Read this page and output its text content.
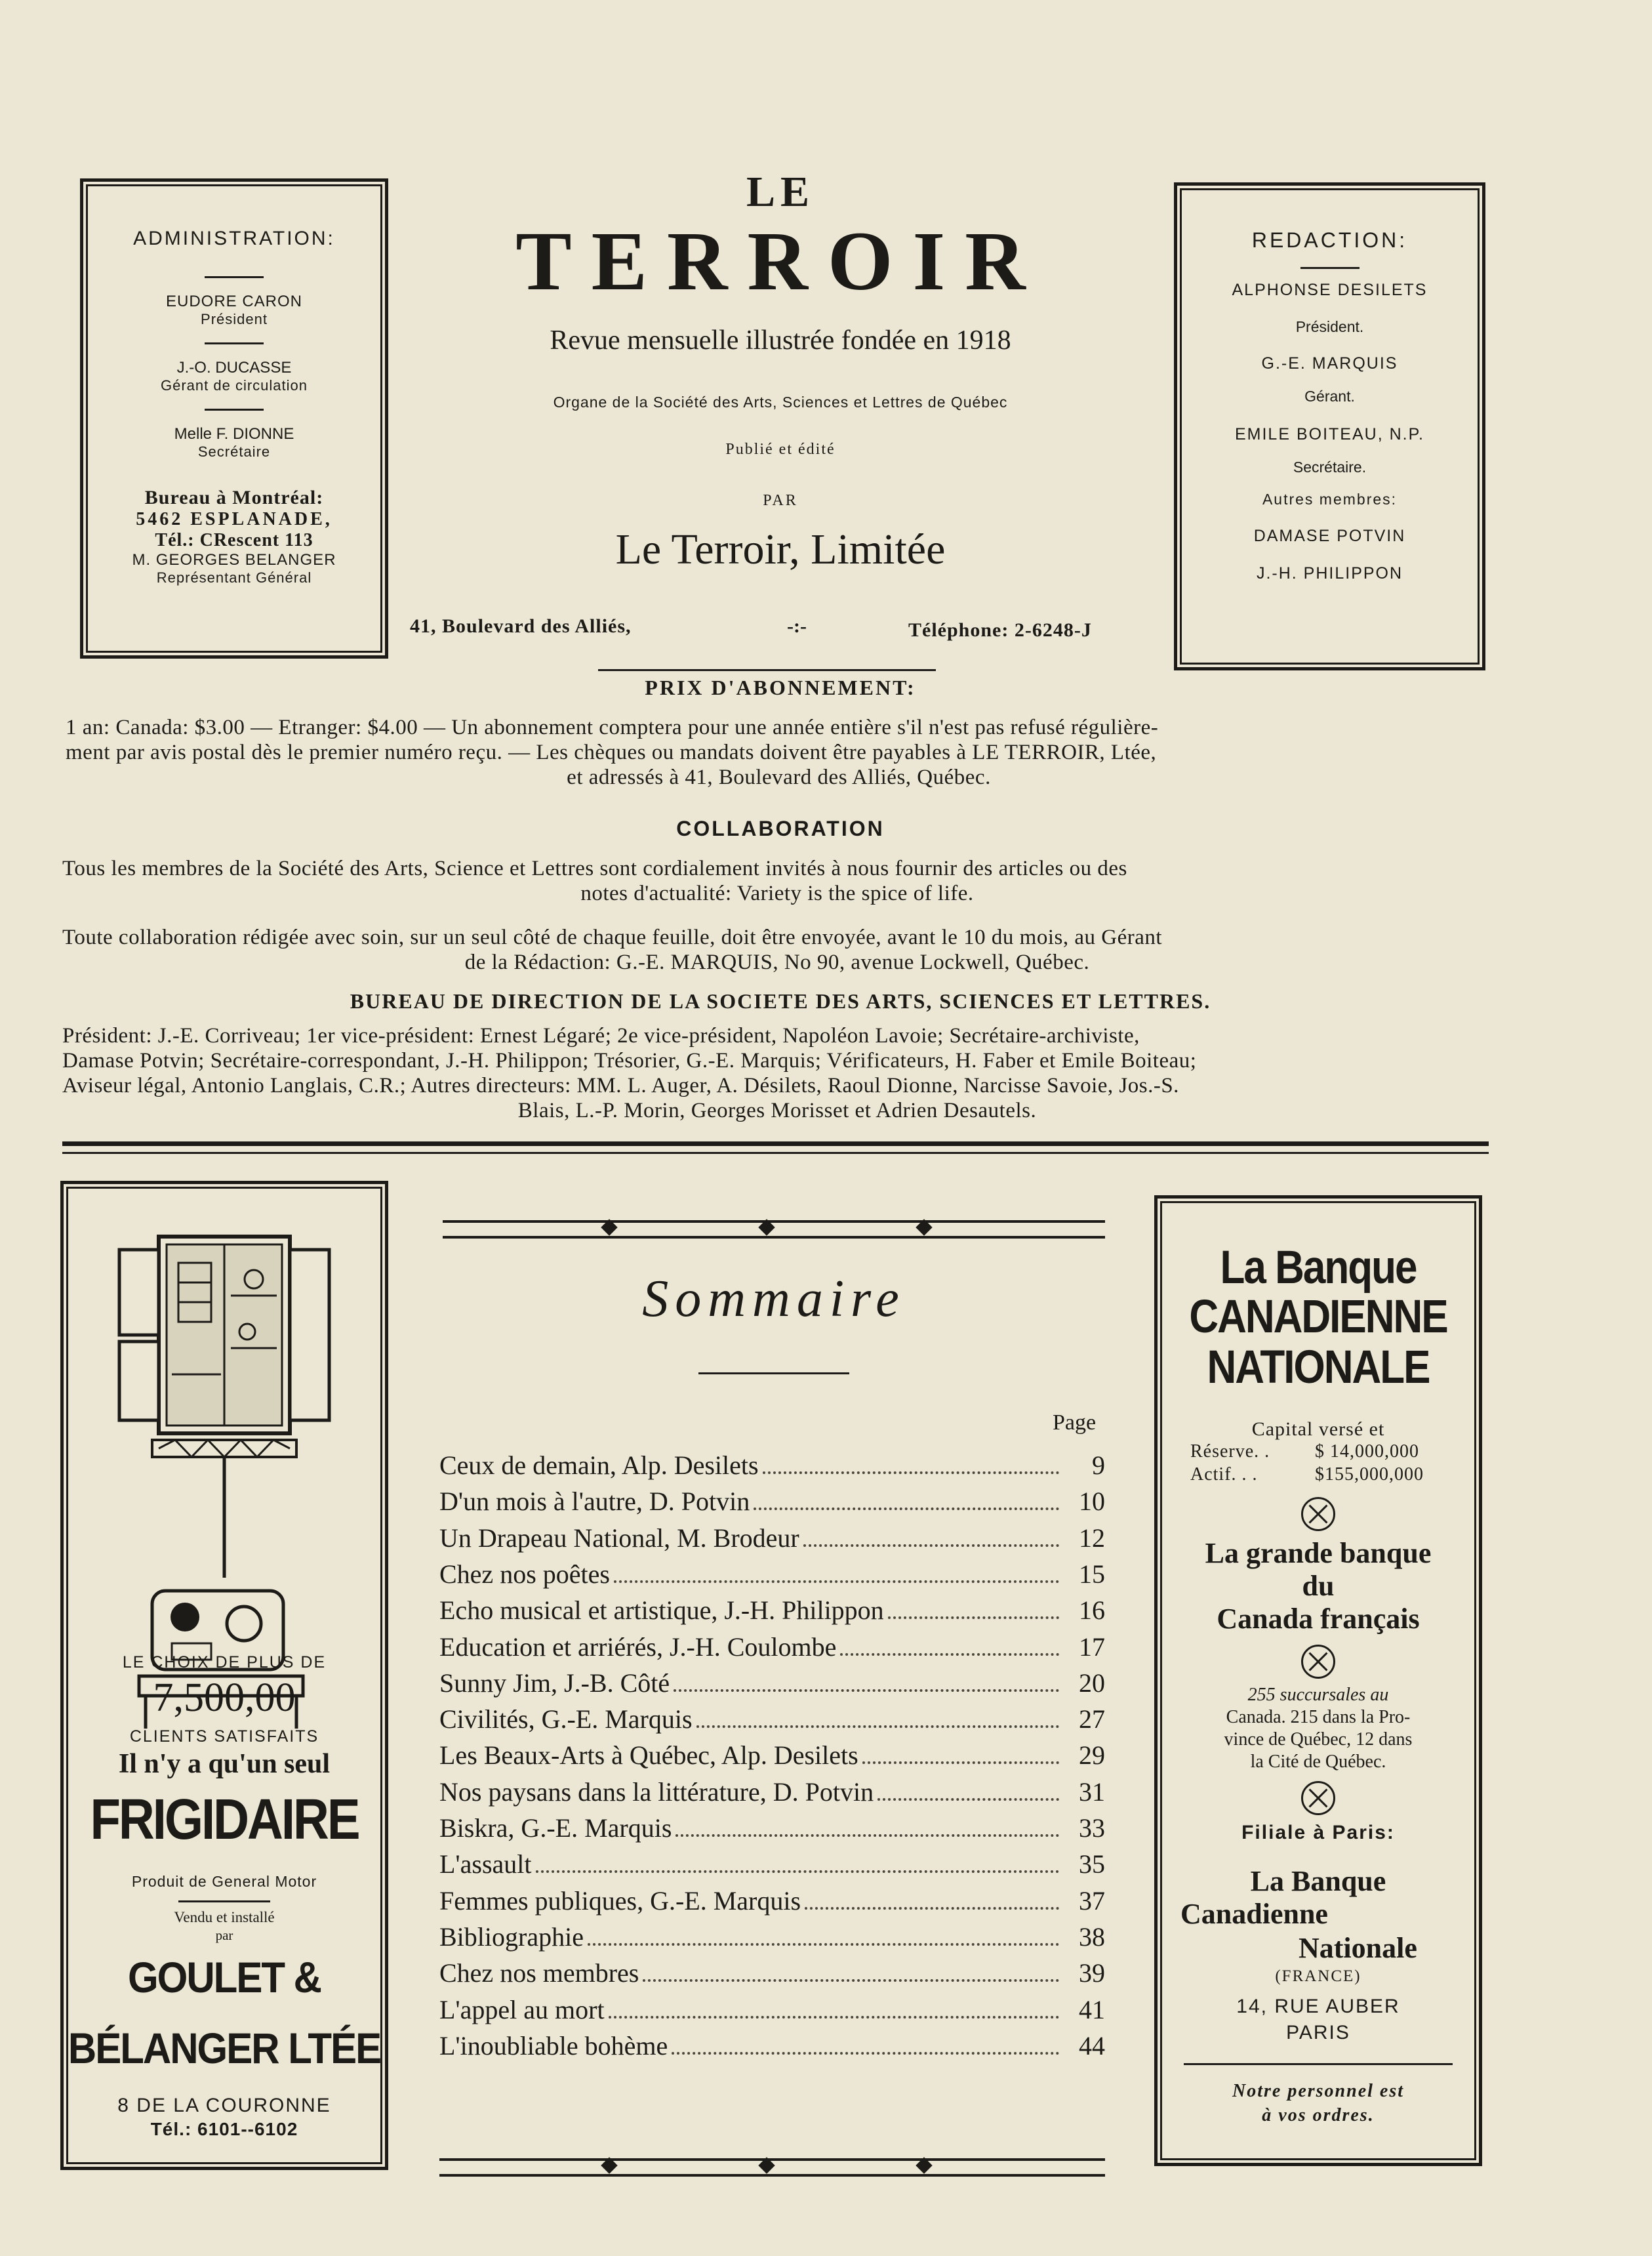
ADMINISTRATION:
EUDORE CARON
Président
J.-O. DUCASSE
Gérant de circulation
Melle F. DIONNE
Secrétaire
Bureau à Montréal:
5462 ESPLANADE,
Tél.: CRescent 113
M. GEORGES BELANGER
Représentant Général
LE
TERROIR
Revue mensuelle illustrée fondée en 1918
Organe de la Société des Arts, Sciences et Lettres de Québec
Publié et édité
PAR
Le Terroir, Limitée
41, Boulevard des Alliés,	-:-	Téléphone: 2-6248-J
REDACTION:
ALPHONSE DESILETS
Président.
G.-E. MARQUIS
Gérant.
EMILE BOITEAU, N.P.
Secrétaire.
Autres membres:
DAMASE POTVIN
J.-H. PHILIPPON
PRIX D'ABONNEMENT:
1 an: Canada: $3.00 — Etranger: $4.00 — Un abonnement comptera pour une année entière s'il n'est pas refusé régulière-
ment par avis postal dès le premier numéro reçu. — Les chèques ou mandats doivent être payables à LE TERROIR, Ltée,
et adressés à 41, Boulevard des Alliés, Québec.
COLLABORATION
Tous les membres de la Société des Arts, Science et Lettres sont cordialement invités à nous fournir des articles ou des
notes d'actualité: Variety is the spice of life.
Toute collaboration rédigée avec soin, sur un seul côté de chaque feuille, doit être envoyée, avant le 10 du mois, au Gérant
de la Rédaction: G.-E. MARQUIS, No 90, avenue Lockwell, Québec.
BUREAU DE DIRECTION DE LA SOCIETE DES ARTS, SCIENCES ET LETTRES.
Président: J.-E. Corriveau; 1er vice-président: Ernest Légaré; 2e vice-président, Napoléon Lavoie; Secrétaire-archiviste,
Damase Potvin; Secrétaire-correspondant, J.-H. Philippon; Trésorier, G.-E. Marquis; Vérificateurs, H. Faber et Emile Boiteau;
Aviseur légal, Antonio Langlais, C.R.; Autres directeurs: MM. L. Auger, A. Désilets, Raoul Dionne, Narcisse Savoie, Jos.-S.
Blais, L.-P. Morin, Georges Morisset et Adrien Desautels.
LE CHOIX DE PLUS DE
7,500,00
CLIENTS SATISFAITS
Il n'y a qu'un seul
FRIGIDAIRE
Produit de General Motor
Vendu et installé
par
GOULET &
BÉLANGER LTÉE
8 DE LA COURONNE
Tél.: 6101--6102
Sommaire
Page
Ceux de demain, Alp. Desilets	9
D'un mois à l'autre, D. Potvin	10
Un Drapeau National, M. Brodeur	12
Chez nos poêtes	15
Echo musical et artistique, J.-H. Philippon	16
Education et arriérés, J.-H. Coulombe	17
Sunny Jim, J.-B. Côté	20
Civilités, G.-E. Marquis	27
Les Beaux-Arts à Québec, Alp. Desilets	29
Nos paysans dans la littérature, D. Potvin	31
Biskra, G.-E. Marquis	33
L'assault	35
Femmes publiques, G.-E. Marquis	37
Bibliographie	38
Chez nos membres	39
L'appel au mort	41
L'inoubliable bohème	44
La Banque
CANADIENNE
NATIONALE
Capital versé et
Réserve. . $ 14,000,000
Actif. . .	$155,000,000
La grande banque
du
Canada français
255 succursales au
Canada. 215 dans la Pro-
vince de Québec, 12 dans
la Cité de Québec.
Filiale à Paris:
La Banque
Canadienne
Nationale
(FRANCE)
14, RUE AUBER
PARIS
Notre personnel est
à vos ordres.
